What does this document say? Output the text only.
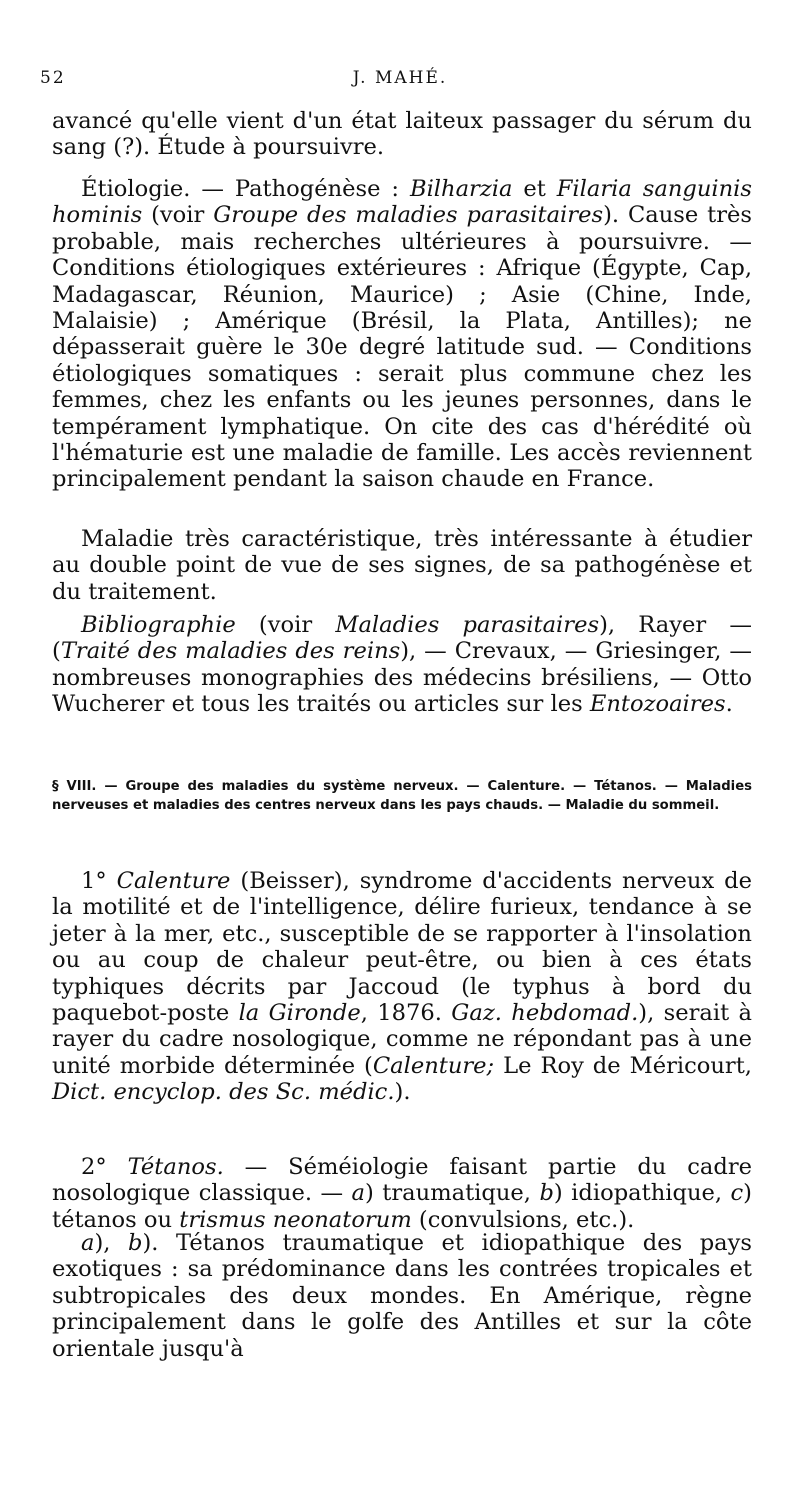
52	J. MAHÉ.

avancé qu'elle vient d'un état laiteux passager du sérum du sang (?). Étude à poursuivre.

Étiologie. — Pathogénèse : Bilharzia et Filaria sanguinis hominis (voir Groupe des maladies parasitaires). Cause très probable, mais recherches ultérieures à poursuivre. — Conditions étiologiques extérieures : Afrique (Égypte, Cap, Madagascar, Réunion, Maurice) ; Asie (Chine, Inde, Malaisie) ; Amérique (Brésil, la Plata, Antilles); ne dépasserait guère le 30e degré latitude sud. — Conditions étiologiques somatiques : serait plus commune chez les femmes, chez les enfants ou les jeunes personnes, dans le tempérament lymphatique. On cite des cas d'hérédité où l'hématurie est une maladie de famille. Les accès reviennent principalement pendant la saison chaude en France.

Maladie très caractéristique, très intéressante à étudier au double point de vue de ses signes, de sa pathogénèse et du traitement.

Bibliographie (voir Maladies parasitaires), Rayer — (Traité des maladies des reins), — Crevaux, — Griesinger, — nombreuses monographies des médecins brésiliens, — Otto Wucherer et tous les traités ou articles sur les Entozoaires.

§ VIII. — Groupe des maladies du système nerveux. — Calenture. — Tétanos. — Maladies nerveuses et maladies des centres nerveux dans les pays chauds. — Maladie du sommeil.

1° Calenture (Beisser), syndrome d'accidents nerveux de la motilité et de l'intelligence, délire furieux, tendance à se jeter à la mer, etc., susceptible de se rapporter à l'insolation ou au coup de chaleur peut-être, ou bien à ces états typhiques décrits par Jaccoud (le typhus à bord du paquebot-poste la Gironde, 1876. Gaz. hebdomad.), serait à rayer du cadre nosologique, comme ne répondant pas à une unité morbide déterminée (Calenture; Le Roy de Méricourt, Dict. encyclop. des Sc. médic.).

2° Tétanos. — Séméiologie faisant partie du cadre nosologique classique. — a) traumatique, b) idiopathique, c) tétanos ou trismus neonatorum (convulsions, etc.).

a), b). Tétanos traumatique et idiopathique des pays exotiques : sa prédominance dans les contrées tropicales et subtropicales des deux mondes. En Amérique, règne principalement dans le golfe des Antilles et sur la côte orientale jusqu'à
